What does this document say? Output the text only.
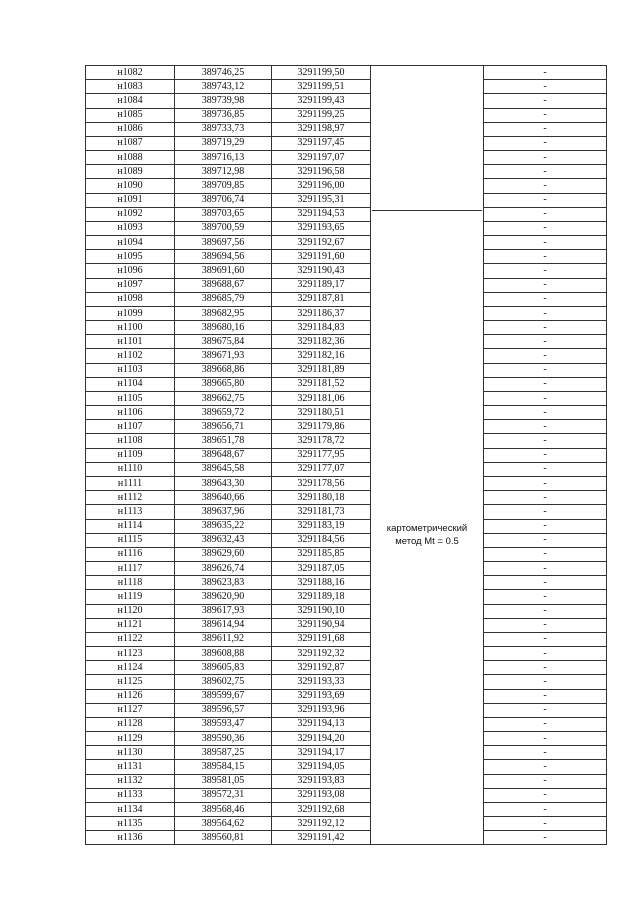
н1082	389746,25	3291199,50		-
н1083	389743,12	3291199,51		-
н1084	389739,98	3291199,43		-
н1085	389736,85	3291199,25		-
н1086	389733,73	3291198,97		-
н1087	389719,29	3291197,45		-
н1088	389716,13	3291197,07		-
н1089	389712,98	3291196,58		-
н1090	389709,85	3291196,00		-
н1091	389706,74	3291195,31		-
н1092	389703,65	3291194,53		-
н1093	389700,59	3291193,65		-
н1094	389697,56	3291192,67		-
н1095	389694,56	3291191,60		-
н1096	389691,60	3291190,43		-
н1097	389688,67	3291189,17		-
н1098	389685,79	3291187,81		-
н1099	389682,95	3291186,37		-
н1100	389680,16	3291184,83		-
н1101	389675,84	3291182,36		-
н1102	389671,93	3291182,16		-
н1103	389668,86	3291181,89		-
н1104	389665,80	3291181,52		-
н1105	389662,75	3291181,06		-
н1106	389659,72	3291180,51		-
н1107	389656,71	3291179,86		-
н1108	389651,78	3291178,72		-
н1109	389648,67	3291177,95		-
н1110	389645,58	3291177,07		-
н1111	389643,30	3291178,56		-
н1112	389640,66	3291180,18		-
н1113	389637,96	3291181,73		-
н1114	389635,22	3291183,19		-
н1115	389632,43	3291184,56		-
н1116	389629,60	3291185,85		-
н1117	389626,74	3291187,05		-
н1118	389623,83	3291188,16		-
н1119	389620,90	3291189,18		-
н1120	389617,93	3291190,10		-
н1121	389614,94	3291190,94		-
н1122	389611,92	3291191,68		-
н1123	389608,88	3291192,32		-
н1124	389605,83	3291192,87		-
н1125	389602,75	3291193,33		-
н1126	389599,67	3291193,69		-
н1127	389596,57	3291193,96		-
н1128	389593,47	3291194,13		-
н1129	389590,36	3291194,20		-
н1130	389587,25	3291194,17		-
н1131	389584,15	3291194,05		-
н1132	389581,05	3291193,83		-
н1133	389572,31	3291193,08		-
н1134	389568,46	3291192,68		-
н1135	389564,62	3291192,12		-
н1136	389560,81	3291191,42		-
картометрический
метод Mt = 0.5
